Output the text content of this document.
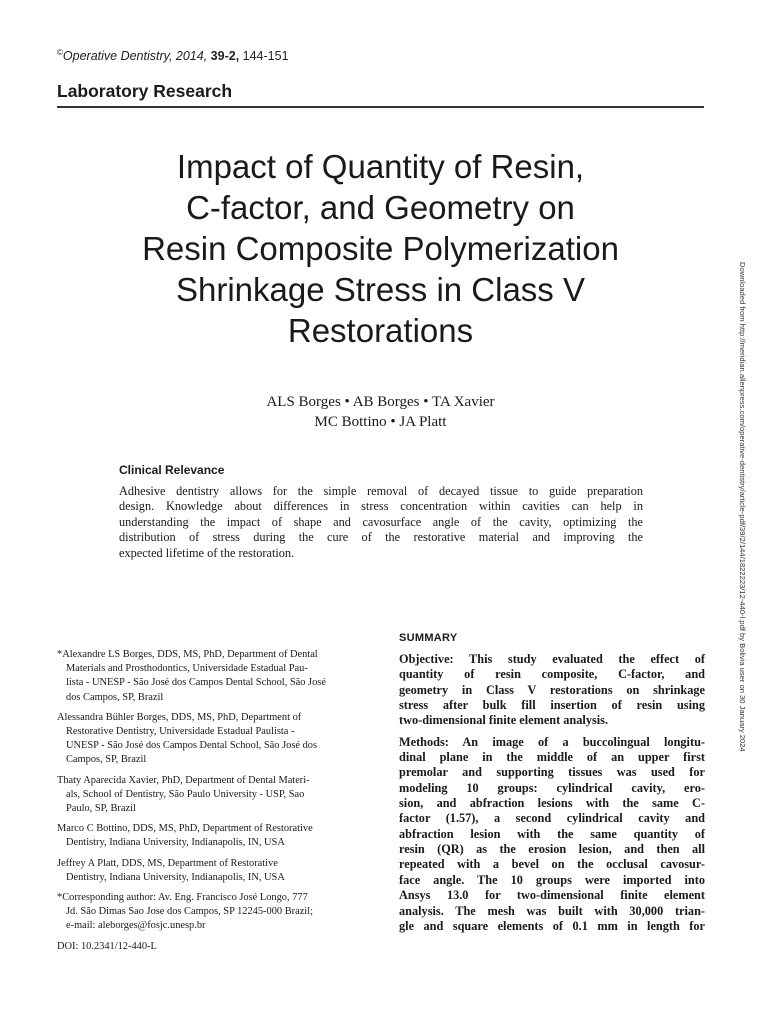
©Operative Dentistry, 2014, 39-2, 144-151
Laboratory Research
Impact of Quantity of Resin,
C-factor, and Geometry on
Resin Composite Polymerization
Shrinkage Stress in Class V
Restorations
ALS Borges • AB Borges • TA Xavier
MC Bottino • JA Platt
Clinical Relevance

Adhesive dentistry allows for the simple removal of decayed tissue to guide preparation
design. Knowledge about differences in stress concentration within cavities can help in
understanding the impact of shape and cavosurface angle of the cavity, optimizing the
distribution of stress during the cure of the restorative material and improving the
expected lifetime of the restoration.	Downloaded from http://meridian.allenpress.com/operative-dentistry/article-pdf/39/2/144/1822223/12-440-l.pdf by Bolivia user on 30 January 2024
*Alexandre LS Borges, DDS, MS, PhD, Department of Dental
Materials and Prosthodontics, Universidade Estadual Pau-
lista - UNESP - São José dos Campos Dental School, São José
dos Campos, SP, Brazil
Alessandra Bühler Borges, DDS, MS, PhD, Department of
Restorative Dentistry, Universidade Estadual Paulista -
UNESP - São José dos Campos Dental School, São José dos
Campos, SP, Brazil
Thaty Aparecida Xavier, PhD, Department of Dental Materi-
als, School of Dentistry, São Paulo University - USP, Sao
Paulo, SP, Brazil
Marco C Bottino, DDS, MS, PhD, Department of Restorative
Dentistry, Indiana University, Indianapolis, IN, USA
Jeffrey A Platt, DDS, MS, Department of Restorative
Dentistry, Indiana University, Indianapolis, IN, USA
*Corresponding author: Av. Eng. Francisco José Longo, 777
Jd. São Dimas Sao Jose dos Campos, SP 12245-000 Brazil;
e-mail: aleborges@fosjc.unesp.br
DOI: 10.2341/12-440-L
SUMMARY

Objective: This study evaluated the effect of
quantity of resin composite, C-factor, and
geometry in Class V restorations on shrinkage
stress after bulk fill insertion of resin using
two-dimensional finite element analysis.

Methods: An image of a buccolingual longitu-
dinal plane in the middle of an upper first
premolar and supporting tissues was used for
modeling 10 groups: cylindrical cavity, ero-
sion, and abfraction lesions with the same C-
factor (1.57), a second cylindrical cavity and
abfraction lesion with the same quantity of
resin (QR) as the erosion lesion, and then all
repeated with a bevel on the occlusal cavosur-
face angle. The 10 groups were imported into
Ansys 13.0 for two-dimensional finite element
analysis. The mesh was built with 30,000 trian-
gle and square elements of 0.1 mm in length for
